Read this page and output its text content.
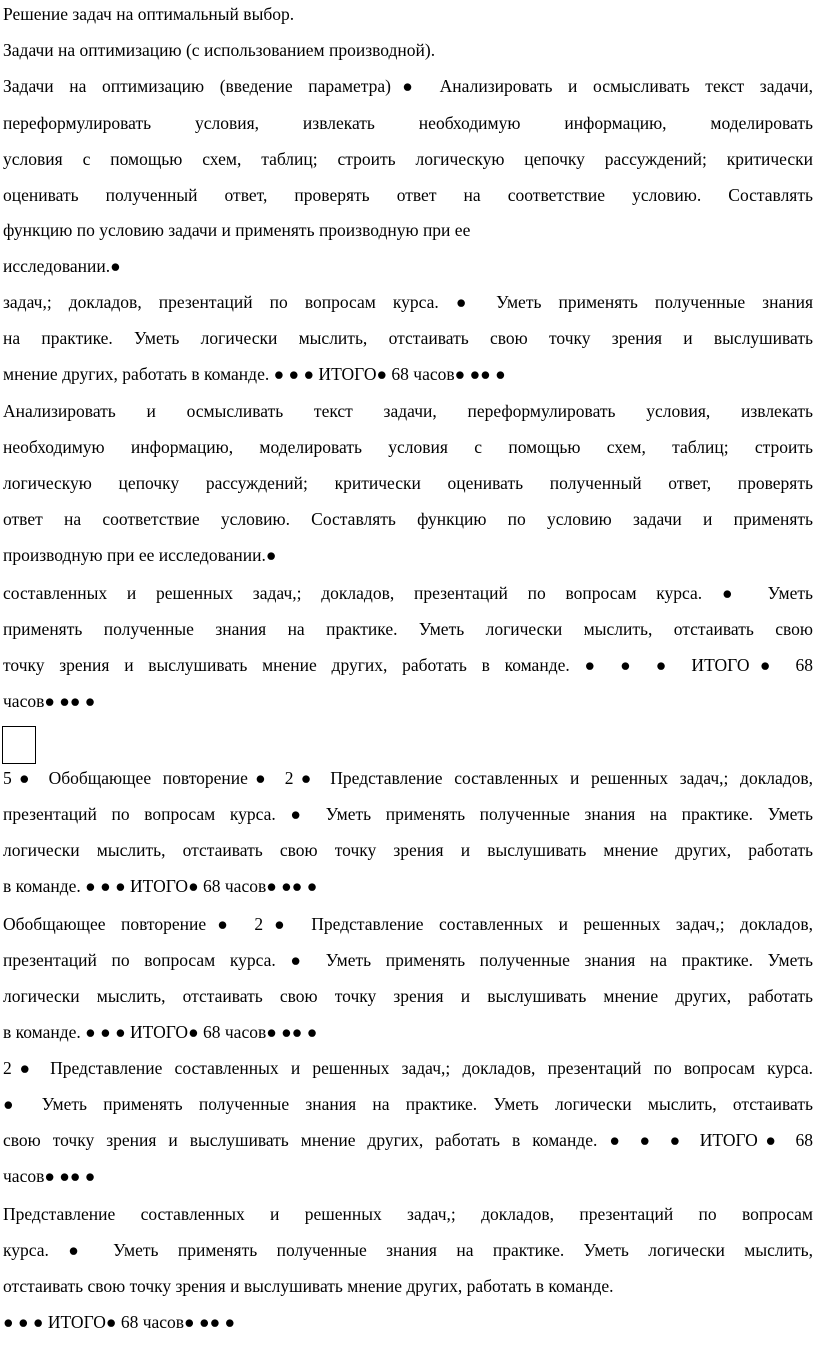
Решение задач на оптимальный выбор.
Задачи на оптимизацию (с использованием производной).
Задачи на оптимизацию (введение параметра)● Анализировать и осмысливать текст задачи,
переформулировать условия, извлекать необходимую информацию, моделировать
условия с помощью схем, таблиц; строить логическую цепочку рассуждений; критически
оценивать полученный ответ, проверять ответ на соответствие условию. Составлять
функцию по условию задачи и применять производную при ее
исследовании.●
задач,; докладов, презентаций по вопросам курса. ● Уметь применять полученные знания
на практике. Уметь логически мыслить, отстаивать свою точку зрения и выслушивать
мнение других, работать в команде. ● ● ● ИТОГО● 68 часов● ●● ●
Анализировать и осмысливать текст задачи, переформулировать условия, извлекать
необходимую информацию, моделировать условия с помощью схем, таблиц; строить
логическую цепочку рассуждений; критически оценивать полученный ответ, проверять
ответ на соответствие условию. Составлять функцию по условию задачи и применять
производную при ее исследовании.●
составленных и решенных задач,; докладов, презентаций по вопросам курса. ● Уметь
применять полученные знания на практике. Уметь логически мыслить, отстаивать свою
точку зрения и выслушивать мнение других, работать в команде. ● ● ● ИТОГО● 68
часов● ●● ●
5● Обобщающее повторение● 2● Представление составленных и решенных задач,; докладов,
презентаций по вопросам курса. ● Уметь применять полученные знания на практике. Уметь
логически мыслить, отстаивать свою точку зрения и выслушивать мнение других, работать
в команде. ● ● ● ИТОГО● 68 часов● ●● ●
Обобщающее повторение● 2● Представление составленных и решенных задач,; докладов,
презентаций по вопросам курса. ● Уметь применять полученные знания на практике. Уметь
логически мыслить, отстаивать свою точку зрения и выслушивать мнение других, работать
в команде. ● ● ● ИТОГО● 68 часов● ●● ●
2● Представление составленных и решенных задач,; докладов, презентаций по вопросам курса.
● Уметь применять полученные знания на практике. Уметь логически мыслить, отстаивать
свою точку зрения и выслушивать мнение других, работать в команде. ● ● ● ИТОГО● 68
часов● ●● ●
Представление составленных и решенных задач,; докладов, презентаций по вопросам
курса. ● Уметь применять полученные знания на практике. Уметь логически мыслить,
отстаивать свою точку зрения и выслушивать мнение других, работать в команде.
● ● ● ИТОГО● 68 часов● ●● ●
